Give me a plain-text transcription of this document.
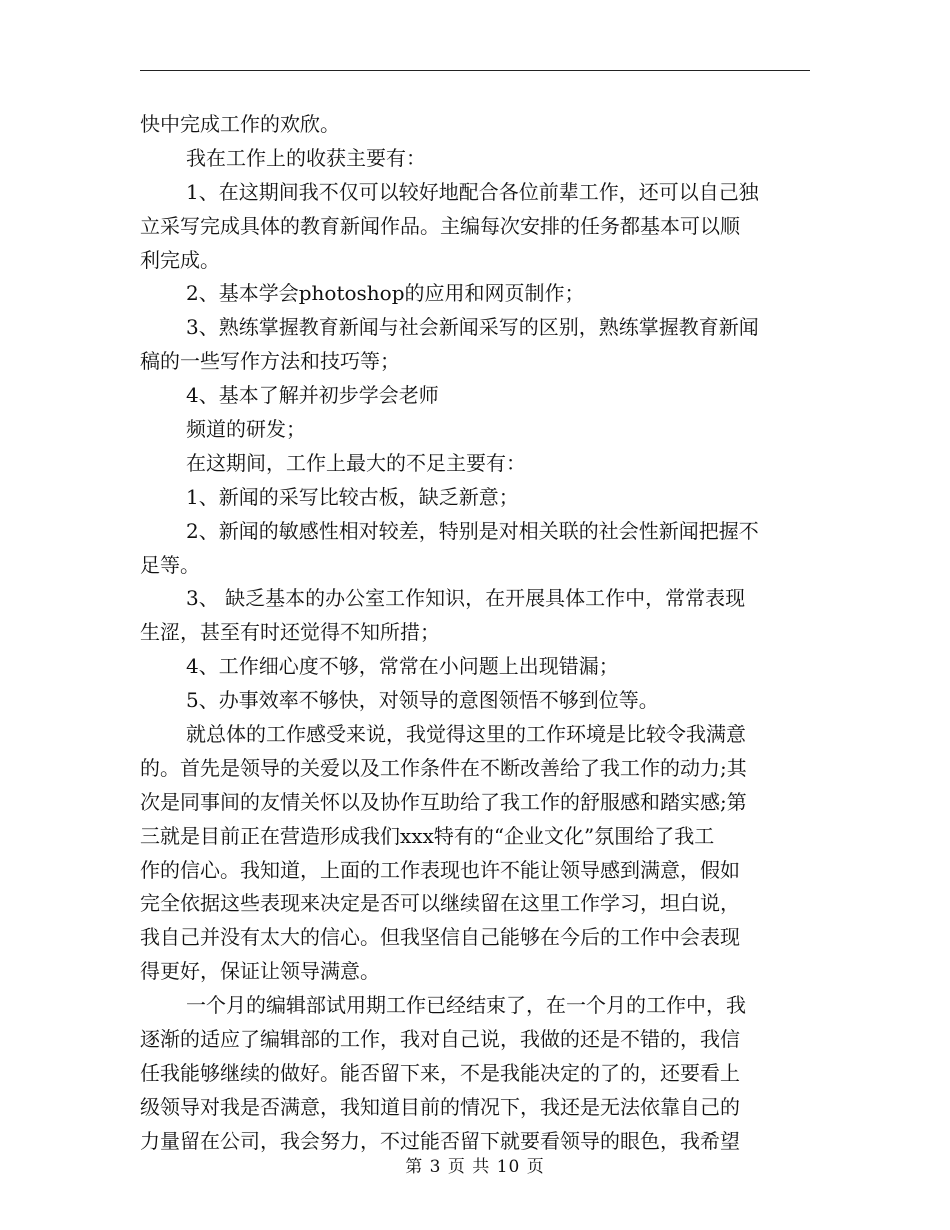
快中完成工作的欢欣。
我在工作上的收获主要有：
1、在这期间我不仅可以较好地配合各位前辈工作，还可以自己独
立采写完成具体的教育新闻作品。主编每次安排的任务都基本可以顺
利完成。
2、基本学会photoshop的应用和网页制作；
3、熟练掌握教育新闻与社会新闻采写的区别，熟练掌握教育新闻
稿的一些写作方法和技巧等；
4、基本了解并初步学会老师
频道的研发；
在这期间，工作上最大的不足主要有：
1、新闻的采写比较古板，缺乏新意；
2、新闻的敏感性相对较差，特别是对相关联的社会性新闻把握不
足等。
3、 缺乏基本的办公室工作知识，在开展具体工作中，常常表现
生涩，甚至有时还觉得不知所措；
4、工作细心度不够，常常在小问题上出现错漏；
5、办事效率不够快，对领导的意图领悟不够到位等。
就总体的工作感受来说，我觉得这里的工作环境是比较令我满意
的。首先是领导的关爱以及工作条件在不断改善给了我工作的动力;其
次是同事间的友情关怀以及协作互助给了我工作的舒服感和踏实感;第
三就是目前正在营造形成我们xxx特有的“企业文化”氛围给了我工
作的信心。我知道，上面的工作表现也许不能让领导感到满意，假如
完全依据这些表现来决定是否可以继续留在这里工作学习，坦白说，
我自己并没有太大的信心。但我坚信自己能够在今后的工作中会表现
得更好，保证让领导满意。
一个月的编辑部试用期工作已经结束了，在一个月的工作中，我
逐渐的适应了编辑部的工作，我对自己说，我做的还是不错的，我信
任我能够继续的做好。能否留下来，不是我能决定的了的，还要看上
级领导对我是否满意，我知道目前的情况下，我还是无法依靠自己的
力量留在公司，我会努力，不过能否留下就要看领导的眼色，我希望
第 3 页 共 10 页
